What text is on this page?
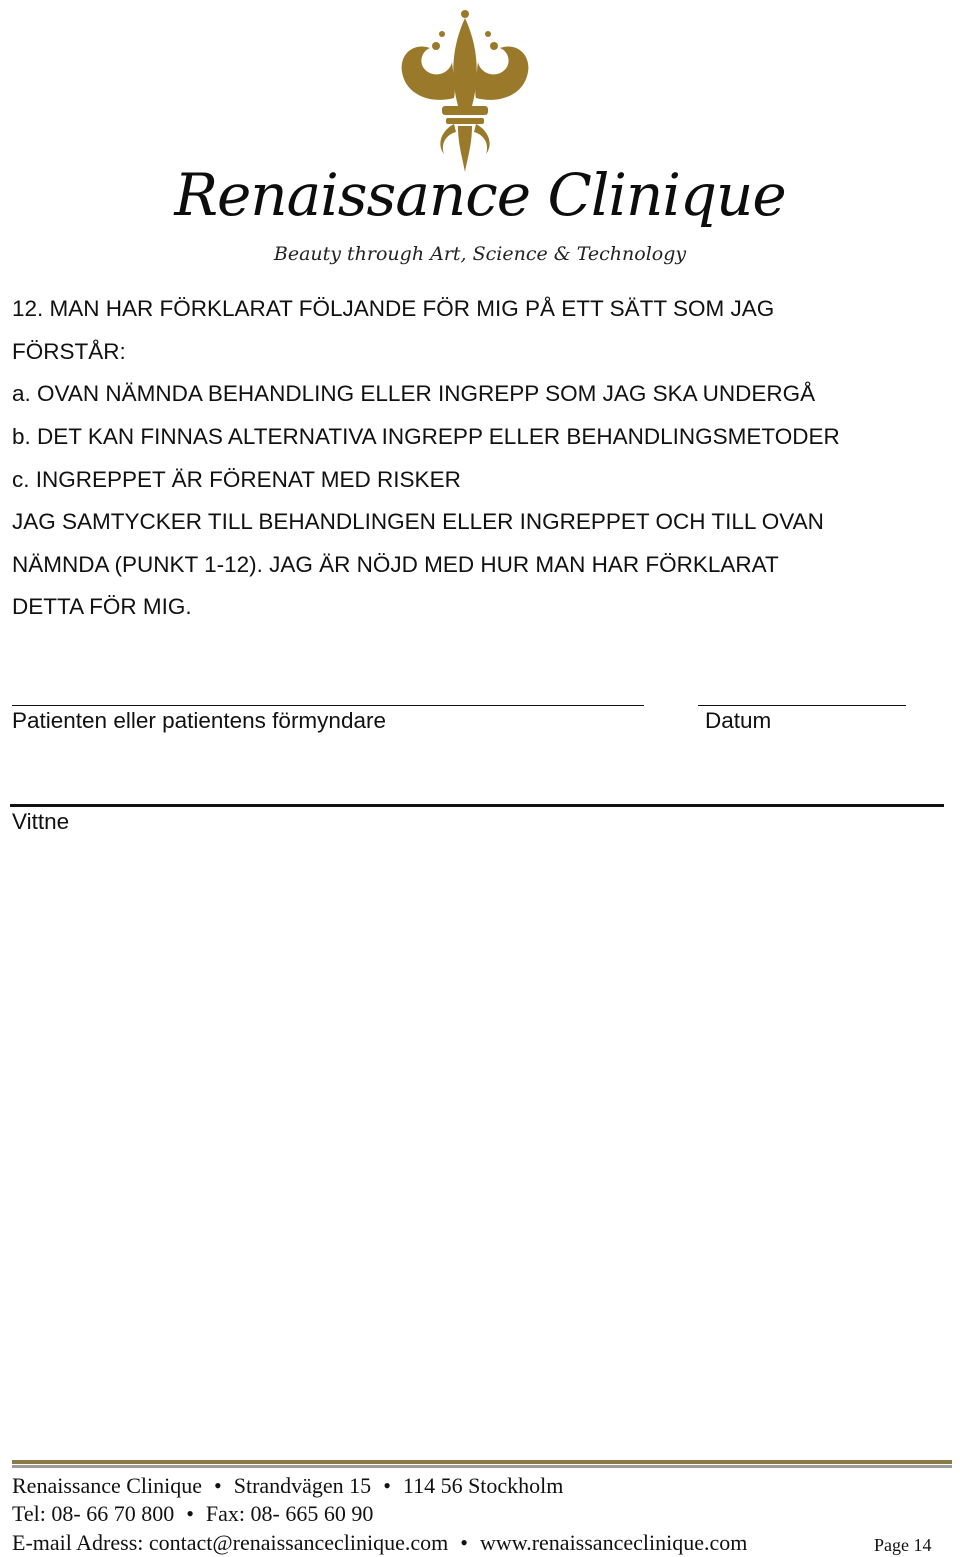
Renaissance Clinique
Beauty through Art, Science & Technology
12. MAN HAR FÖRKLARAT FÖLJANDE FÖR MIG PÅ ETT SÄTT SOM JAG
FÖRSTÅR:
a. OVAN NÄMNDA BEHANDLING ELLER INGREPP SOM JAG SKA UNDERGÅ
b. DET KAN FINNAS ALTERNATIVA INGREPP ELLER BEHANDLINGSMETODER
c. INGREPPET ÄR FÖRENAT MED RISKER
JAG SAMTYCKER TILL BEHANDLINGEN ELLER INGREPPET OCH TILL OVAN
NÄMNDA (PUNKT 1-12). JAG ÄR NÖJD MED HUR MAN HAR FÖRKLARAT
DETTA FÖR MIG.
Patienten eller patientens förmyndare	Datum
Vittne
Renaissance Clinique • Strandvägen 15 • 114 56 Stockholm
Tel: 08- 66 70 800 • Fax: 08- 665 60 90
E-mail Adress: contact@renaissanceclinique.com • www.renaissanceclinique.com	Page 14
